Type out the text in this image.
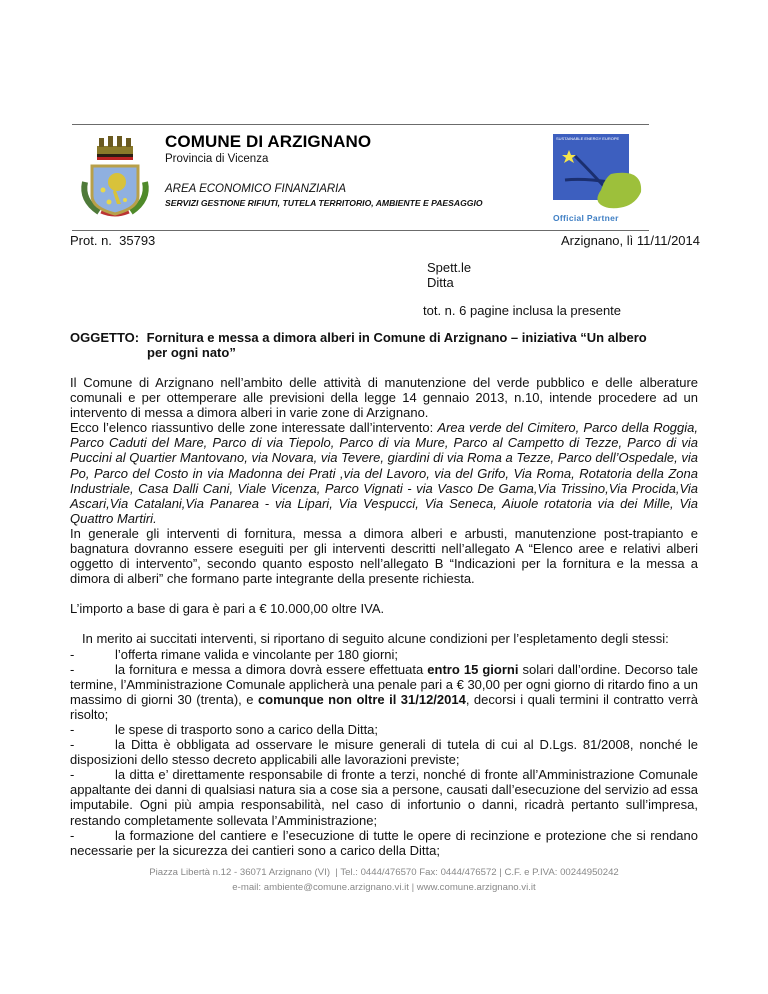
COMUNE DI ARZIGNANO
Provincia di Vicenza
AREA ECONOMICO FINANZIARIA
SERVIZI GESTIONE RIFIUTI, TUTELA TERRITORIO, AMBIENTE E PAESAGGIO
SUSTAINABLE ENERGY EUROPE
Official Partner
Prot. n.  35793	Arzignano, lì 11/11/2014
Spett.le
Ditta
tot. n. 6 pagine inclusa la presente
OGGETTO: Fornitura e messa a dimora alberi in Comune di Arzignano – iniziativa “Un albero
per ogni nato”

Il Comune di Arzignano nell’ambito delle attività di manutenzione del verde pubblico e delle alberature comunali e per ottemperare alle previsioni della legge 14 gennaio 2013, n.10, intende procedere ad un intervento di messa a dimora alberi in varie zone di Arzignano.

Ecco l’elenco riassuntivo delle zone interessate dall’intervento: Area verde del Cimitero, Parco della Roggia, Parco Caduti del Mare, Parco di via Tiepolo, Parco di via Mure, Parco al Campetto di Tezze, Parco di via Puccini al Quartier Mantovano, via Novara, via Tevere, giardini di via Roma a Tezze, Parco dell’Ospedale, via Po, Parco del Costo in via Madonna dei Prati ,via del Lavoro, via del Grifo, Via Roma, Rotatoria della Zona Industriale, Casa Dalli Cani, Viale Vicenza, Parco Vignati - via Vasco De Gama,Via Trissino,Via Procida,Via Ascari,Via Catalani,Via Panarea - via Lipari, Via Vespucci, Via Seneca, Aiuole rotatoria via dei Mille, Via Quattro Martiri.

In generale gli interventi di fornitura, messa a dimora alberi e arbusti, manutenzione post-trapianto e bagnatura dovranno essere eseguiti per gli interventi descritti nell’allegato A “Elenco aree e relativi alberi oggetto di intervento”, secondo quanto esposto nell’allegato B “Indicazioni per la fornitura e la messa a dimora di alberi” che formano parte integrante della presente richiesta.

L’importo a base di gara è pari a € 10.000,00 oltre IVA.

In merito ai succitati interventi, si riportano di seguito alcune condizioni per l’espletamento degli stessi:

-	l’offerta rimane valida e vincolante per 180 giorni;

-	la fornitura e messa a dimora dovrà essere effettuata entro 15 giorni solari dall’ordine. Decorso tale termine, l’Amministrazione Comunale applicherà una penale pari a € 30,00 per ogni giorno di ritardo fino a un massimo di giorni 30 (trenta), e comunque non oltre il 31/12/2014, decorsi i quali termini il contratto verrà risolto;

-	le spese di trasporto sono a carico della Ditta;

-	la Ditta è obbligata ad osservare le misure generali di tutela di cui al D.Lgs. 81/2008, nonché le disposizioni dello stesso decreto applicabili alle lavorazioni previste;

-	la ditta e’ direttamente responsabile di fronte a terzi, nonché di fronte all’Amministrazione Comunale appaltante dei danni di qualsiasi natura sia a cose sia a persone, causati dall’esecuzione del servizio ad essa imputabile. Ogni più ampia responsabilità, nel caso di infortunio o danni, ricadrà pertanto sull’impresa, restando completamente sollevata l’Amministrazione;

-	la formazione del cantiere e l’esecuzione di tutte le opere di recinzione e protezione che si rendano necessarie per la sicurezza dei cantieri sono a carico della Ditta;

Piazza Libertà n.12 - 36071 Arzignano (VI)  | Tel.: 0444/476570 Fax: 0444/476572 | C.F. e P.IVA: 00244950242
e-mail: ambiente@comune.arzignano.vi.it | www.comune.arzignano.vi.it
